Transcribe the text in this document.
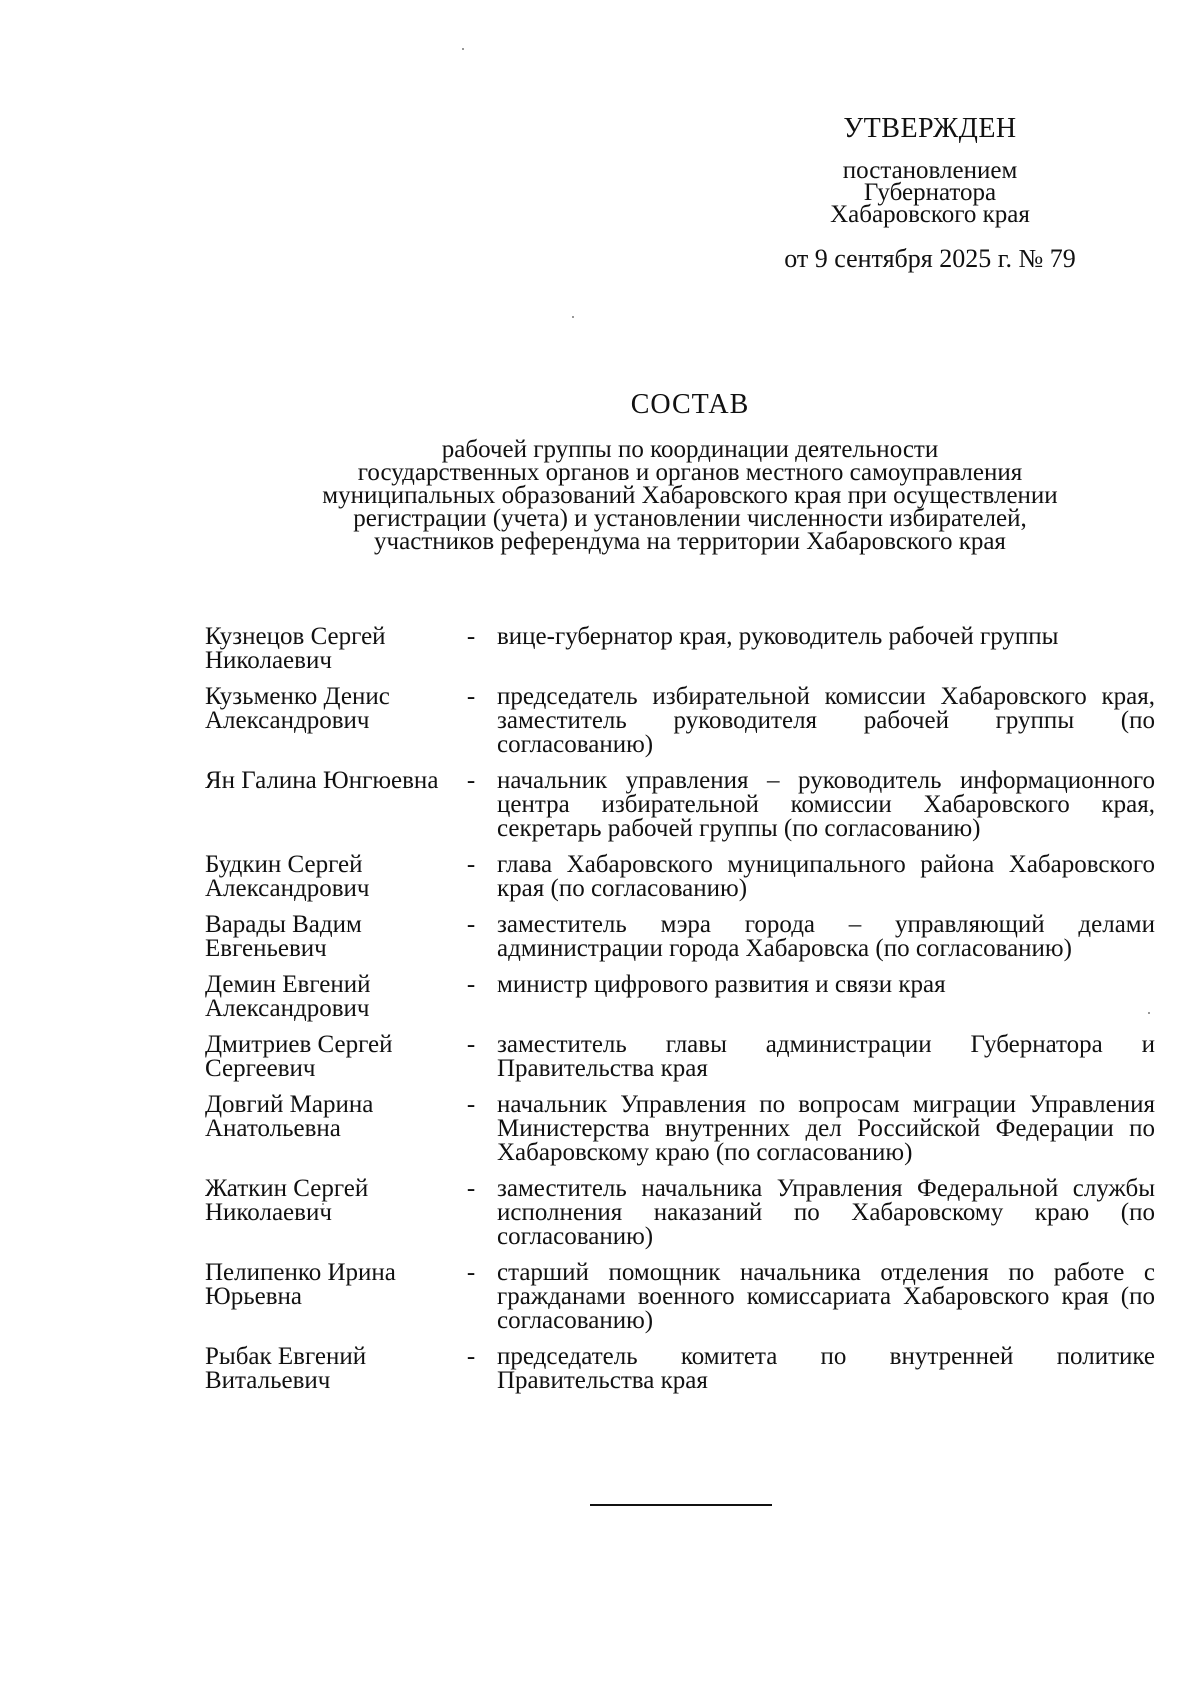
УТВЕРЖДЕН
постановлением
Губернатора
Хабаровского края
от 9 сентября 2025 г. № 79
СОСТАВ
рабочей группы по координации деятельности
государственных органов и органов местного самоуправления
муниципальных образований Хабаровского края при осуществлении
регистрации (учета) и установлении численности избирателей,
участников референдума на территории Хабаровского края
Кузнецов Сергей Николаевич
- вице-губернатор края, руководитель рабочей группы
Кузьменко Денис Александрович
- председатель избирательной комиссии Хабаровского края, заместитель руководителя рабочей группы (по согласованию)
Ян Галина Юнгюевна	- начальник управления – руководитель информационного центра избирательной комиссии Хабаровского края, секретарь рабочей группы (по согласованию)
Будкин Сергей Александрович
- глава Хабаровского муниципального района Хабаровского края (по согласованию)
Варады Вадим Евгеньевич
- заместитель мэра города – управляющий делами администрации города Хабаровска (по согласованию)
Демин Евгений Александрович
- министр цифрового развития и связи края
Дмитриев Сергей Сергеевич
- заместитель главы администрации Губернатора и Правительства края
Довгий Марина Анатольевна
- начальник Управления по вопросам миграции Управления Министерства внутренних дел Российской Федерации по Хабаровскому краю (по согласованию)
Жаткин Сергей Николаевич
- заместитель начальника Управления Федеральной службы исполнения наказаний по Хабаровскому краю (по согласованию)
Пелипенко Ирина Юрьевна
- старший помощник начальника отделения по работе с гражданами военного комиссариата Хабаровского края (по согласованию)
Рыбак Евгений Витальевич
- председатель комитета по внутренней политике Правительства края
